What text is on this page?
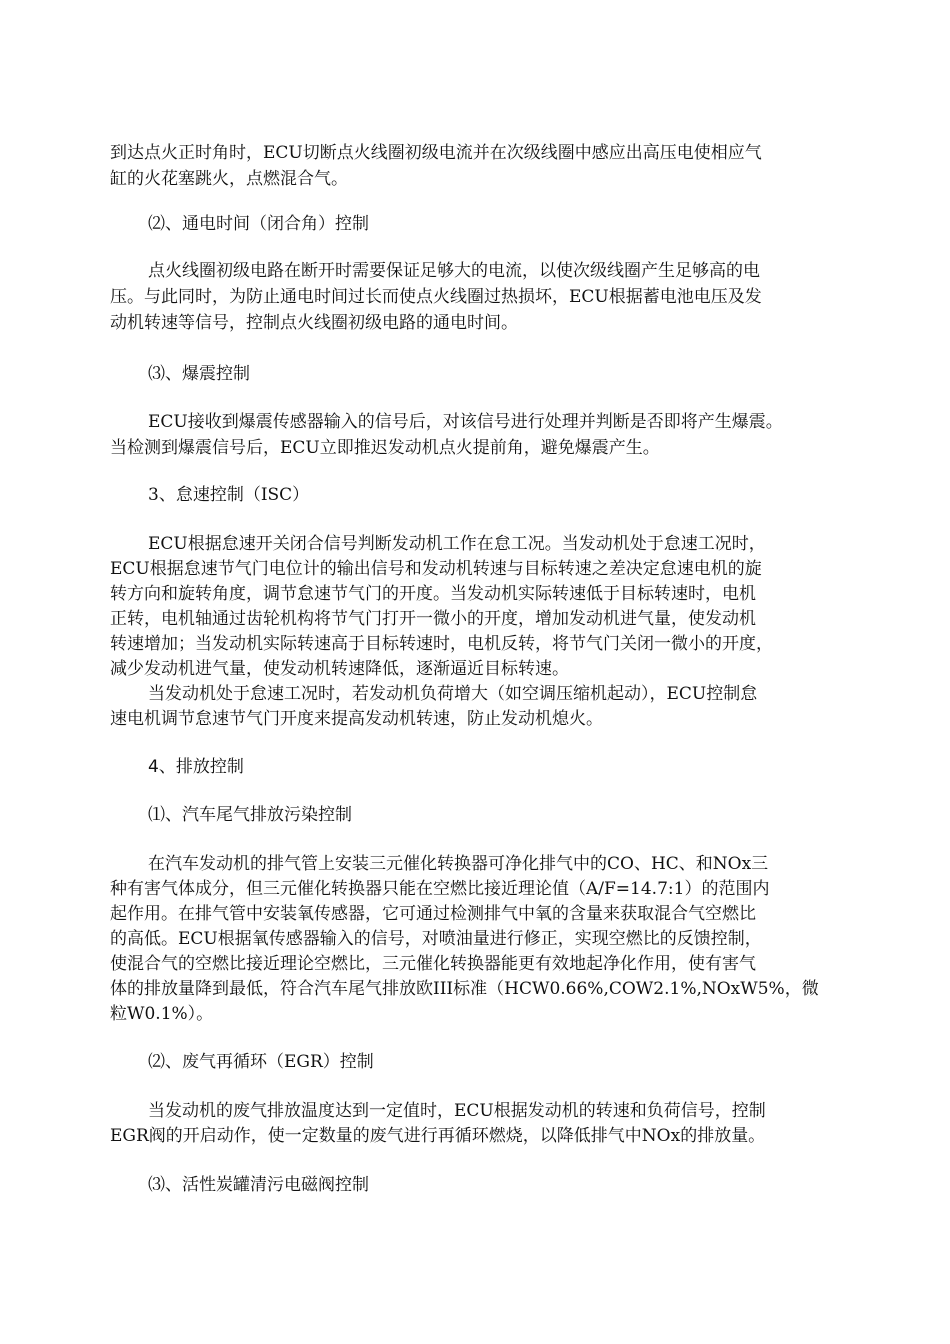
到达点火正时角时，ECU切断点火线圈初级电流并在次级线圈中感应出高压电使相应气

缸的火花塞跳火，点燃混合气。

⑵、通电时间（闭合角）控制

点火线圈初级电路在断开时需要保证足够大的电流，以使次级线圈产生足够高的电

压。与此同时，为防止通电时间过长而使点火线圈过热损坏，ECU根据蓄电池电压及发

动机转速等信号，控制点火线圈初级电路的通电时间。

⑶、爆震控制

ECU接收到爆震传感器输入的信号后，对该信号进行处理并判断是否即将产生爆震。

当检测到爆震信号后，ECU立即推迟发动机点火提前角，避免爆震产生。

3、怠速控制（ISC）

ECU根据怠速开关闭合信号判断发动机工作在怠工况。当发动机处于怠速工况时，

ECU根据怠速节气门电位计的输出信号和发动机转速与目标转速之差决定怠速电机的旋

转方向和旋转角度，调节怠速节气门的开度。当发动机实际转速低于目标转速时，电机

正转，电机轴通过齿轮机构将节气门打开一微小的开度，增加发动机进气量，使发动机

转速增加；当发动机实际转速高于目标转速时，电机反转，将节气门关闭一微小的开度，

减少发动机进气量，使发动机转速降低，逐渐逼近目标转速。

当发动机处于怠速工况时，若发动机负荷增大（如空调压缩机起动），ECU控制怠

速电机调节怠速节气门开度来提高发动机转速，防止发动机熄火。

4、排放控制

⑴、汽车尾气排放污染控制

在汽车发动机的排气管上安装三元催化转换器可净化排气中的CO、HC、和NOx三

种有害气体成分，但三元催化转换器只能在空燃比接近理论值（A/F=14.7:1）的范围内

起作用。在排气管中安装氧传感器，它可通过检测排气中氧的含量来获取混合气空燃比

的高低。ECU根据氧传感器输入的信号，对喷油量进行修正，实现空燃比的反馈控制，

使混合气的空燃比接近理论空燃比，三元催化转换器能更有效地起净化作用，使有害气

体的排放量降到最低，符合汽车尾气排放欧III标准（HCW0.66%,COW2.1%,NOxW5%，微

粒W0.1%）。

⑵、废气再循环（EGR）控制

当发动机的废气排放温度达到一定值时，ECU根据发动机的转速和负荷信号，控制

EGR阀的开启动作，使一定数量的废气进行再循环燃烧，以降低排气中NOx的排放量。

⑶、活性炭罐清污电磁阀控制
